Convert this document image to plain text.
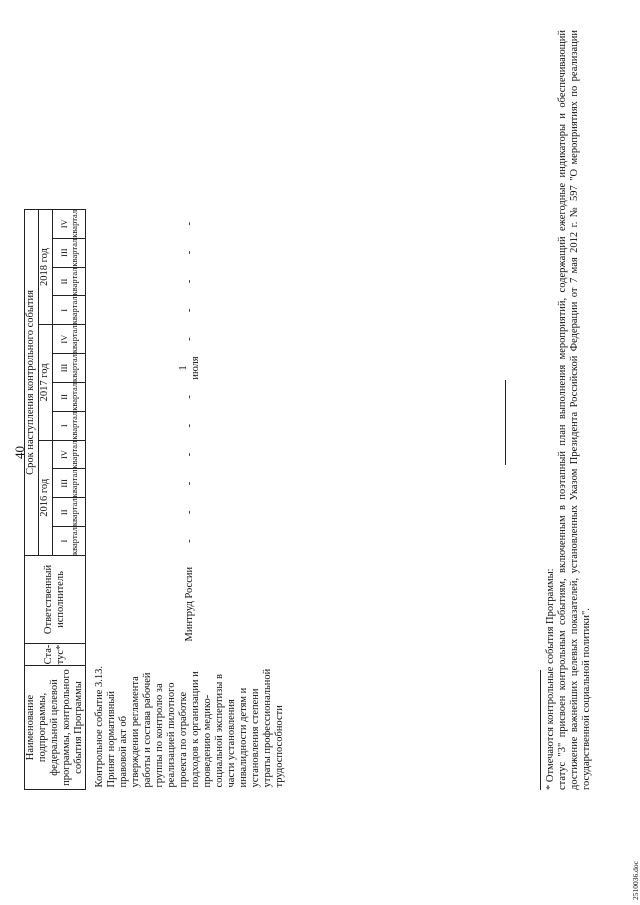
40
Наименование подпрограммы, федеральной целевой программы, контрольного события Программы	Ста- тус*	Ответственный исполнитель	Срок наступления контрольного события											
			2016 год				2017 год				2018 год			
			I квартал	II квартал	III квартал	IV квартал	I квартал	II квартал	III квартал	IV квартал	I квартал	II квартал	III квартал	IV квартал
Контрольное событие 3.13. Принят нормативный правовой акт об утверждении регламента работы и состава рабочей группы по контролю за реализацией пилотного проекта по отработке подходов к организации и проведению медико-социальной экспертизы в части установления инвалидности детям и установления степени утраты профессиональной трудоспособности		Минтруд России	-	-	-	-	-	-	1 июля	-	-	-	-	-

* Отмечаются контрольные события Программы: статус "3" присвоен контрольным событиям, включенным в поэтапный план выполнения мероприятий, содержащий ежегодные индикаторы и обеспечивающий достижение важнейших целевых показателей, установленных Указом Президента Российской Федерации от 7 мая 2012 г. № 597 "О мероприятиях по реализации государственной социальной политики".

2510036.doc
